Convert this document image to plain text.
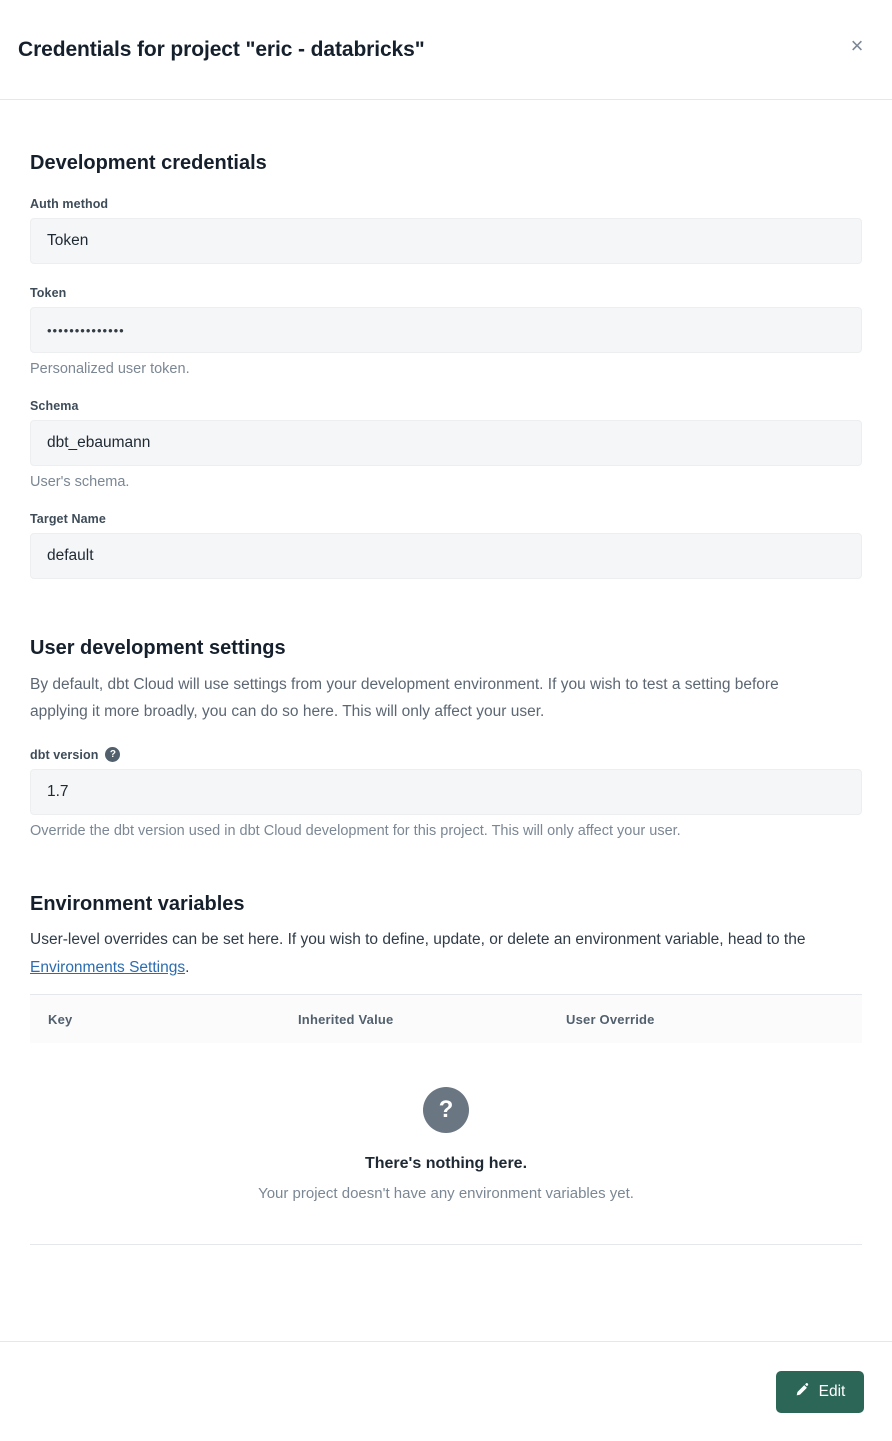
Credentials for project "eric - databricks"	×
Development credentials
Auth method
Token
Token
••••••••••••••
Personalized user token.
Schema
dbt_ebaumann
User's schema.
Target Name
default
User development settings
By default, dbt Cloud will use settings from your development environment. If you wish to test a setting before applying it more broadly, you can do so here. This will only affect your user.
dbt version	?
1.7
Override the dbt version used in dbt Cloud development for this project. This will only affect your user.
Environment variables
User-level overrides can be set here. If you wish to define, update, or delete an environment variable, head to the Environments Settings.
Key	Inherited Value	User Override
?
There's nothing here.
Your project doesn't have any environment variables yet.
Edit
